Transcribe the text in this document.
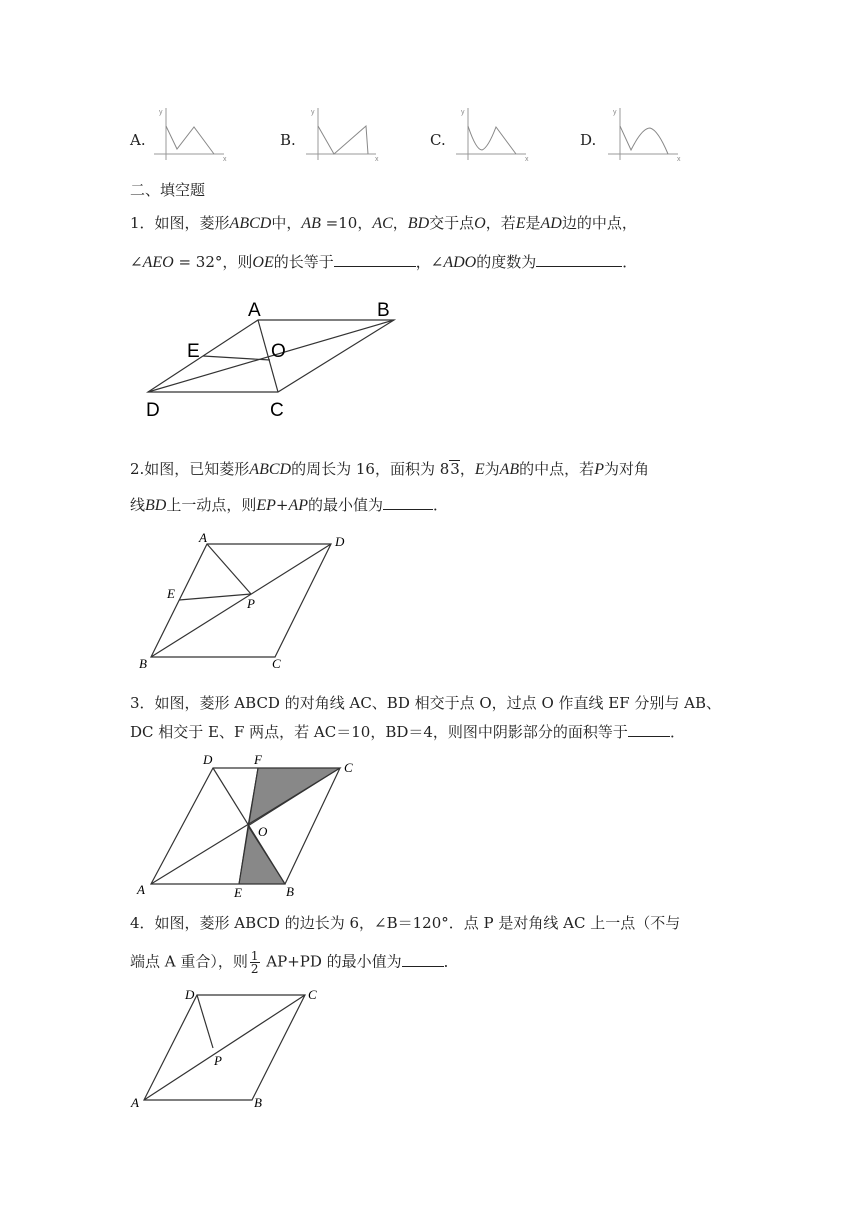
A.
y
x
B.
y
x
C.
y
x
D.
y
x
二、填空题
1．如图，菱形ABCD中，AB =10，AC，BD交于点O，若E是AD边的中点，
∠AEO = 32°，则OE的长等于	，∠ADO的度数为	．
A	B
C
D
E	O
2.如图，已知菱形ABCD的周长为 16，面积为 83，E为AB的中点，若P为对角
线BD上一动点，则EP+AP的最小值为	．
A	D
B	C
E
P
3．如图，菱形 ABCD 的对角线 AC、BD 相交于点 O，过点 O 作直线 EF 分别与 AB、
DC 相交于 E、F 两点，若 AC＝10，BD＝4，则图中阴影部分的面积等于	．
D	F
C
O
A	E	B
4．如图，菱形 ABCD 的边长为 6，∠B＝120°．点 P 是对角线 AC 上一点（不与
端点 A 重合），则 $\frac{1}{2} AP+PD$ 的最小值为	．
D	C
P
A	B
